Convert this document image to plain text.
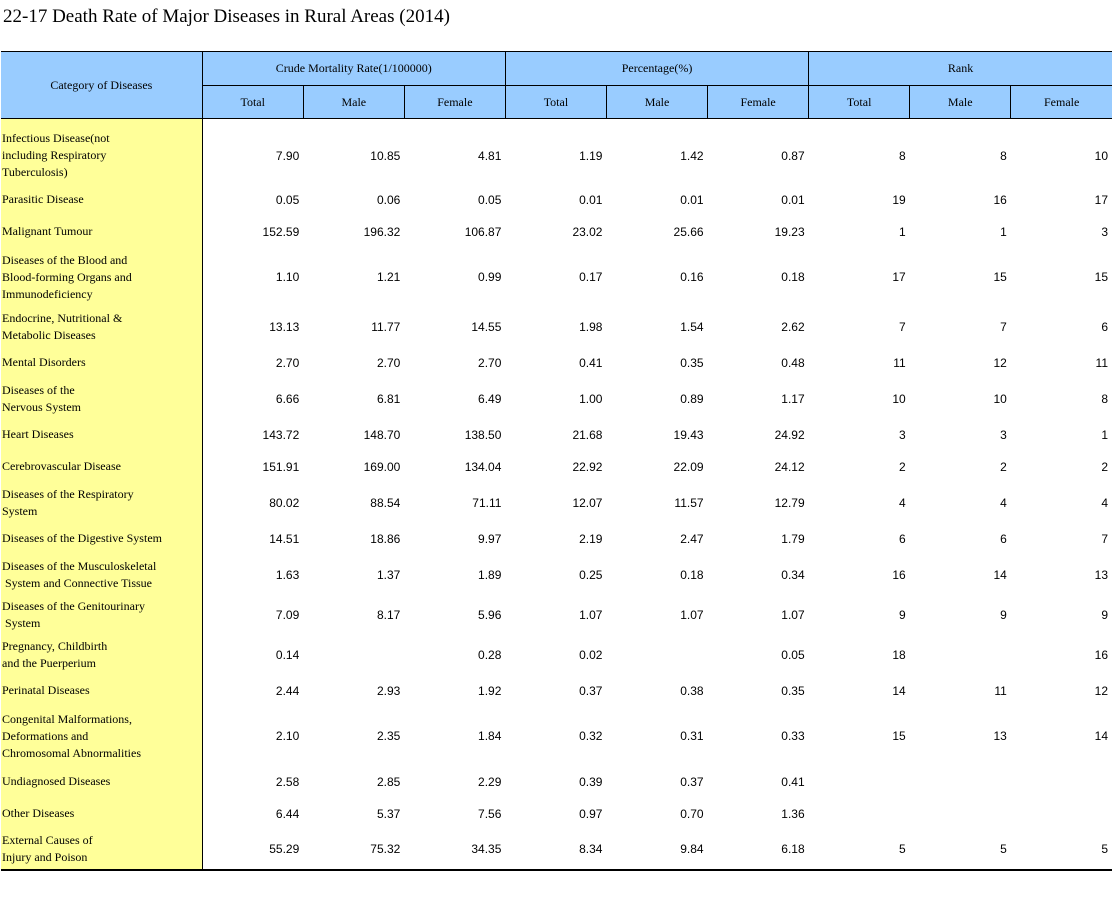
22-17 Death Rate of Major Diseases in Rural Areas (2014)
Category of Diseases	Crude Mortality Rate(1/100000)			Percentage(%)			Rank		
	Total	Male	Female	Total	Male	Female	Total	Male	Female

Infectious Disease(not
including Respiratory
Tuberculosis)	7.90	10.85	4.81	1.19	1.42	0.87	8	8	10

Parasitic Disease	0.05	0.06	0.05	0.01	0.01	0.01	19	16	17

Malignant Tumour	152.59	196.32	106.87	23.02	25.66	19.23	1	1	3

Diseases of the Blood and
Blood-forming Organs and
Immunodeficiency	1.10	1.21	0.99	0.17	0.16	0.18	17	15	15

Endocrine, Nutritional &
Metabolic Diseases	13.13	11.77	14.55	1.98	1.54	2.62	7	7	6

Mental Disorders	2.70	2.70	2.70	0.41	0.35	0.48	11	12	11

Diseases of the
Nervous System	6.66	6.81	6.49	1.00	0.89	1.17	10	10	8

Heart Diseases	143.72	148.70	138.50	21.68	19.43	24.92	3	3	1

Cerebrovascular Disease	151.91	169.00	134.04	22.92	22.09	24.12	2	2	2

Diseases of the Respiratory
System	80.02	88.54	71.11	12.07	11.57	12.79	4	4	4

Diseases of the Digestive System	14.51	18.86	9.97	2.19	2.47	1.79	6	6	7

Diseases of the Musculoskeletal
System and Connective Tissue	1.63	1.37	1.89	0.25	0.18	0.34	16	14	13

Diseases of the Genitourinary
System	7.09	8.17	5.96	1.07	1.07	1.07	9	9	9

Pregnancy, Childbirth
and the Puerperium	0.14		0.28	0.02		0.05	18		16

Perinatal Diseases	2.44	2.93	1.92	0.37	0.38	0.35	14	11	12

Congenital Malformations,
Deformations and
Chromosomal Abnormalities	2.10	2.35	1.84	0.32	0.31	0.33	15	13	14

Undiagnosed Diseases	2.58	2.85	2.29	0.39	0.37	0.41			

Other Diseases	6.44	5.37	7.56	0.97	0.70	1.36			

External Causes of
Injury and Poison	55.29	75.32	34.35	8.34	9.84	6.18	5	5	5
